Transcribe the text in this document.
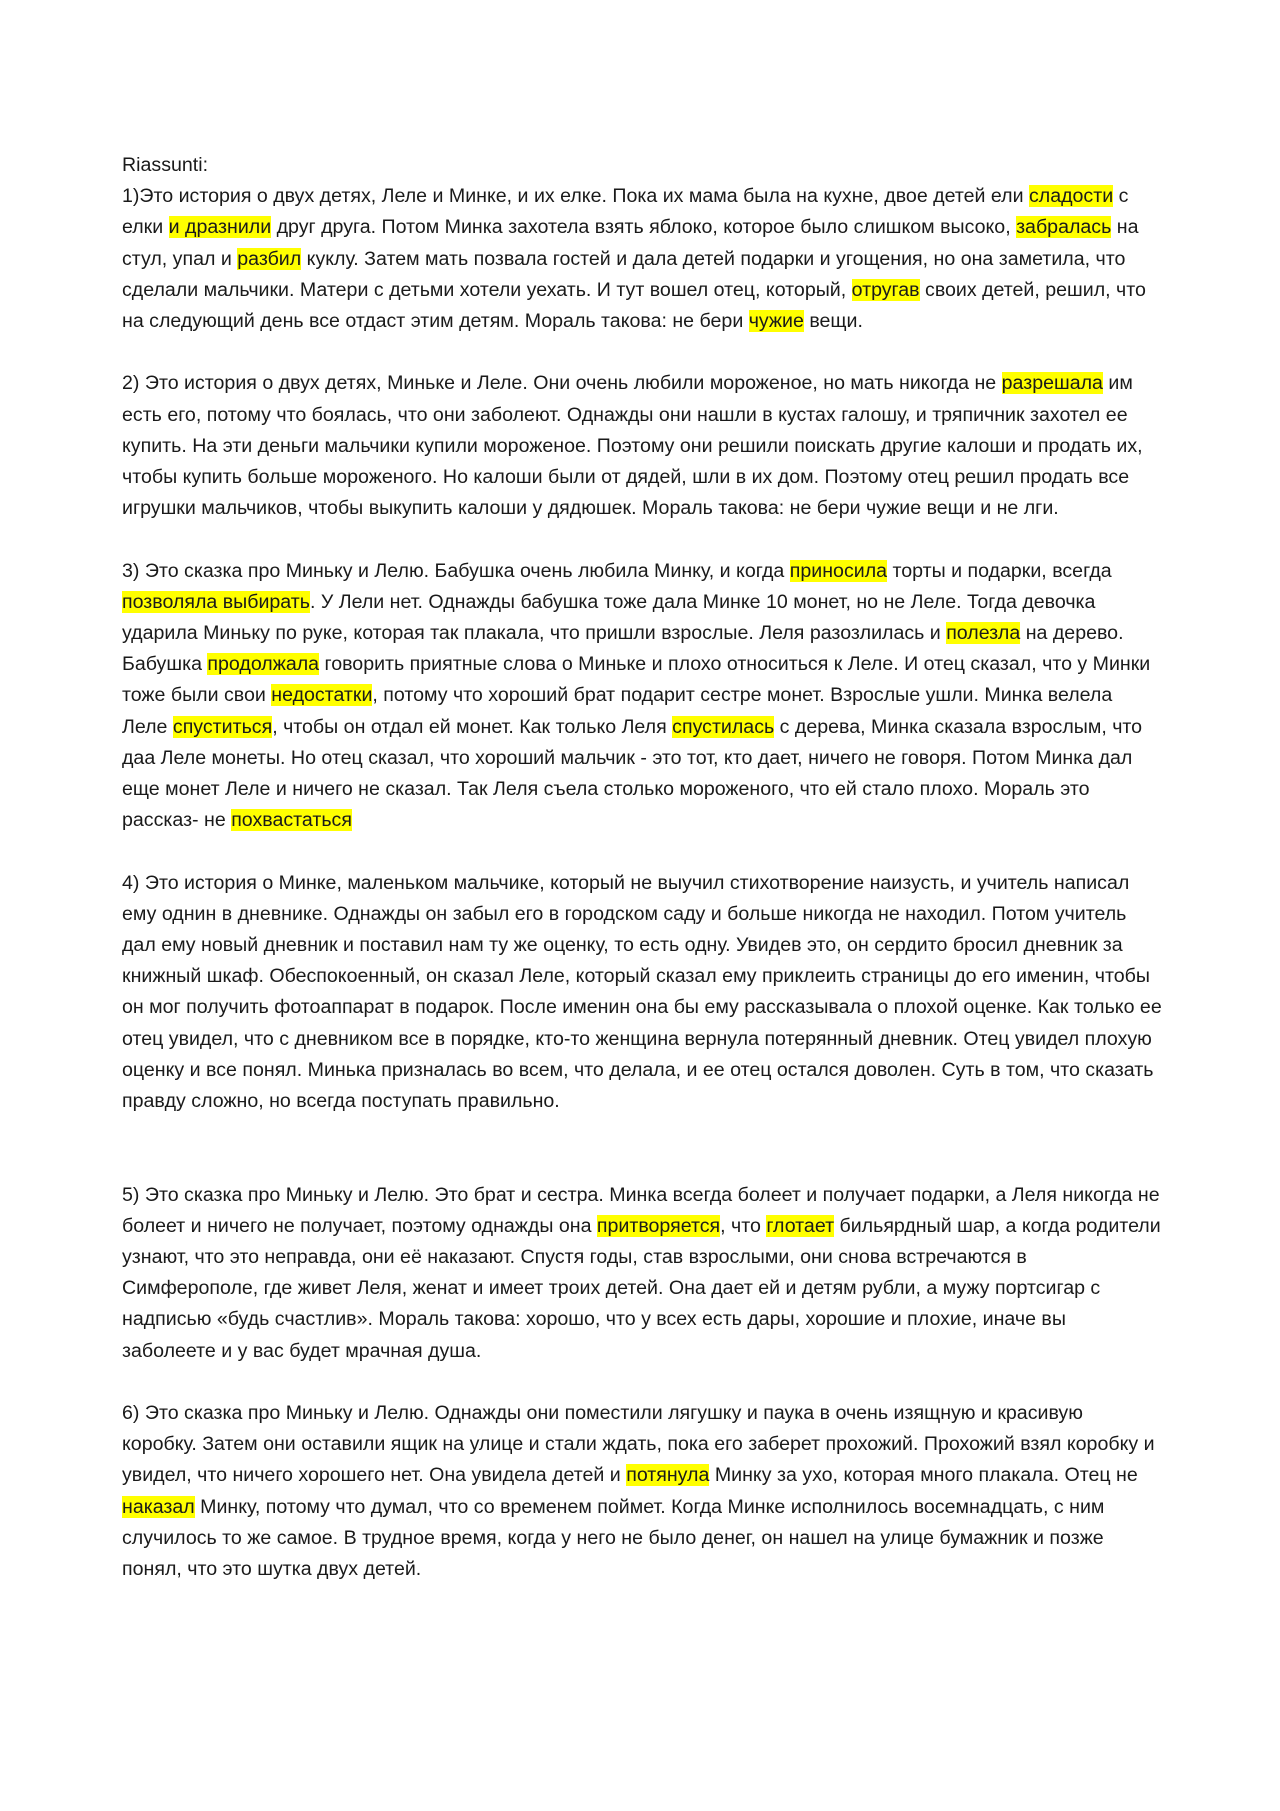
Riassunti:

1)Это история о двух детях, Леле и Минке, и их елке. Пока их мама была на кухне, двое детей ели сладости с елки и дразнили друг друга. Потом Минка захотела взять яблоко, которое было слишком высоко, забралась на стул, упал и разбил куклу. Затем мать позвала гостей и дала детей подарки и угощения, но она заметила, что сделали мальчики. Матери с детьми хотели уехать. И тут вошел отец, который, отругав своих детей, решил, что на следующий день все отдаст этим детям. Мораль такова: не бери чужие вещи.

2) Это история о двух детях, Миньке и Леле. Они очень любили мороженое, но мать никогда не разрешала им есть его, потому что боялась, что они заболеют. Однажды они нашли в кустах галошу, и тряпичник захотел ее купить. На эти деньги мальчики купили мороженое. Поэтому они решили поискать другие калоши и продать их, чтобы купить больше мороженого. Но калоши были от дядей, шли в их дом. Поэтому отец решил продать все игрушки мальчиков, чтобы выкупить калоши у дядюшек. Мораль такова: не бери чужие вещи и не лги.

3) Это сказка про Миньку и Лелю. Бабушка очень любила Минку, и когда приносила торты и подарки, всегда позволяла выбирать. У Лели нет. Однажды бабушка тоже дала Минке 10 монет, но не Леле. Тогда девочка ударила Миньку по руке, которая так плакала, что пришли взрослые. Леля разозлилась и полезла на дерево. Бабушка продолжала говорить приятные слова о Миньке и плохо относиться к Леле. И отец сказал, что у Минки тоже были свои недостатки, потому что хороший брат подарит сестре монет. Взрослые ушли. Минка велела Леле спуститься, чтобы он отдал ей монет. Как только Леля спустилась с дерева, Минка сказала взрослым, что даа Леле монеты. Но отец сказал, что хороший мальчик - это тот, кто дает, ничего не говоря. Потом Минка дал еще монет Леле и ничего не сказал. Так Леля съела столько мороженого, что ей стало плохо. Мораль это рассказ- не похвастаться

4) Это история о Минке, маленьком мальчике, который не выучил стихотворение наизусть, и учитель написал ему однин в дневнике. Однажды он забыл его в городском саду и больше никогда не находил. Потом учитель дал ему новый дневник и поставил нам ту же оценку, то есть одну. Увидев это, он сердито бросил дневник за книжный шкаф. Обеспокоенный, он сказал Леле, который сказал ему приклеить страницы до его именин, чтобы он мог получить фотоаппарат в подарок. После именин она бы ему рассказывала о плохой оценке. Как только ее отец увидел, что с дневником все в порядке, кто-то женщина вернула потерянный дневник. Отец увидел плохую оценку и все понял. Минька призналась во всем, что делала, и ее отец остался доволен. Суть в том, что сказать правду сложно, но всегда поступать правильно.

5) Это сказка про Миньку и Лелю. Это брат и сестра. Минка всегда болеет и получает подарки, а Леля никогда не болеет и ничего не получает, поэтому однажды она притворяется, что глотает бильярдный шар, а когда родители узнают, что это неправда, они её наказают. Спустя годы, став взрослыми, они снова встречаются в Симферополе, где живет Леля, женат и имеет троих детей. Она дает ей и детям рубли, а мужу портсигар с надписью «будь счастлив». Мораль такова: хорошо, что у всех есть дары, хорошие и плохие, иначе вы заболеете и у вас будет мрачная душа.

6) Это сказка про Миньку и Лелю. Однажды они поместили лягушку и паука в очень изящную и красивую коробку. Затем они оставили ящик на улице и стали ждать, пока его заберет прохожий. Прохожий взял коробку и увидел, что ничего хорошего нет. Она увидела детей и потянула Минку за ухо, которая много плакала. Отец не наказал Минку, потому что думал, что со временем поймет. Когда Минке исполнилось восемнадцать, с ним случилось то же самое. В трудное время, когда у него не было денег, он нашел на улице бумажник и позже понял, что это шутка двух детей.
